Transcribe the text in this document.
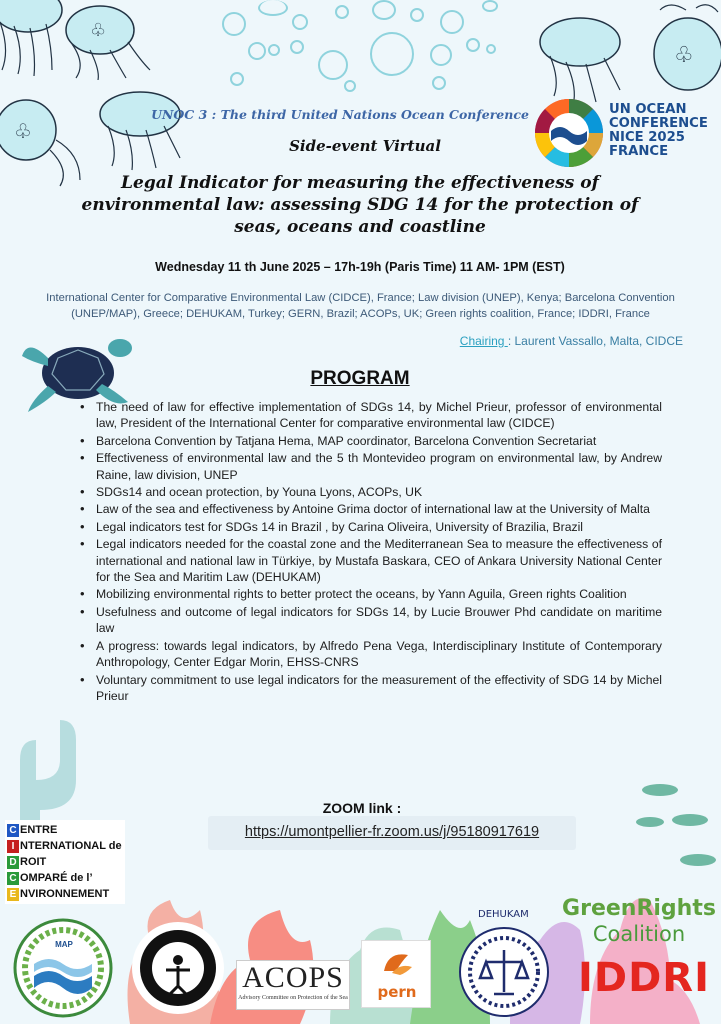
♧
♧
♧
UN OCEAN
CONFERENCE
NICE 2025
FRANCE
UNOC 3 : The third United Nations Ocean Conference
Side-event Virtual
Legal Indicator for measuring the effectiveness of environmental law: assessing SDG 14 for the protection of seas, oceans and coastline
Wednesday 11 th June 2025 – 17h-19h (Paris Time) 11 AM- 1PM (EST)
International Center for Comparative Environmental Law (CIDCE), France; Law division (UNEP), Kenya; Barcelona Convention (UNEP/MAP), Greece; DEHUKAM, Turkey; GERN, Brazil; ACOPs, UK; Green rights coalition, France; IDDRI, France
Chairing : Laurent Vassallo, Malta, CIDCE
PROGRAM
• The need of law for effective implementation of SDGs 14, by Michel Prieur, professor of environmental law, President of the International Center for comparative environmental law (CIDCE)
• Barcelona Convention by Tatjana Hema, MAP coordinator, Barcelona Convention Secretariat
• Effectiveness of environmental law and the 5 th Montevideo program on environmental law, by Andrew Raine, law division, UNEP
• SDGs14 and ocean protection, by Youna Lyons, ACOPs, UK
• Law of the sea and effectiveness by Antoine Grima doctor of international law at the University of Malta
• Legal indicators test for SDGs 14 in Brazil , by Carina Oliveira, University of Brazilia, Brazil
• Legal indicators needed for the coastal zone and the Mediterranean Sea to measure the effectiveness of international and national law in Türkiye, by Mustafa Baskara, CEO of Ankara University National Center for the Sea and Maritim Law (DEHUKAM)
• Mobilizing environmental rights to better protect the oceans, by Yann Aguila, Green rights Coalition
• Usefulness and outcome of legal indicators for SDGs 14, by Lucie Brouwer Phd candidate on maritime law
• A progress: towards legal indicators, by Alfredo Pena Vega, Interdisciplinary Institute of Contemporary Anthropology, Center Edgar Morin, EHSS-CNRS
• Voluntary commitment to use legal indicators for the measurement of the effectivity of SDG 14 by Michel Prieur
ZOOM link :
https://umontpellier-fr.zoom.us/j/95180917619
C ENTRE
I NTERNATIONAL de
D ROIT
C OMPARÉ de l’
E NVIRONNEMENT
MAP
ACOPS
Advisory Committee on Protection of the Sea	pern
DEHUKAM GreenRights
Coalition
IDDRI
